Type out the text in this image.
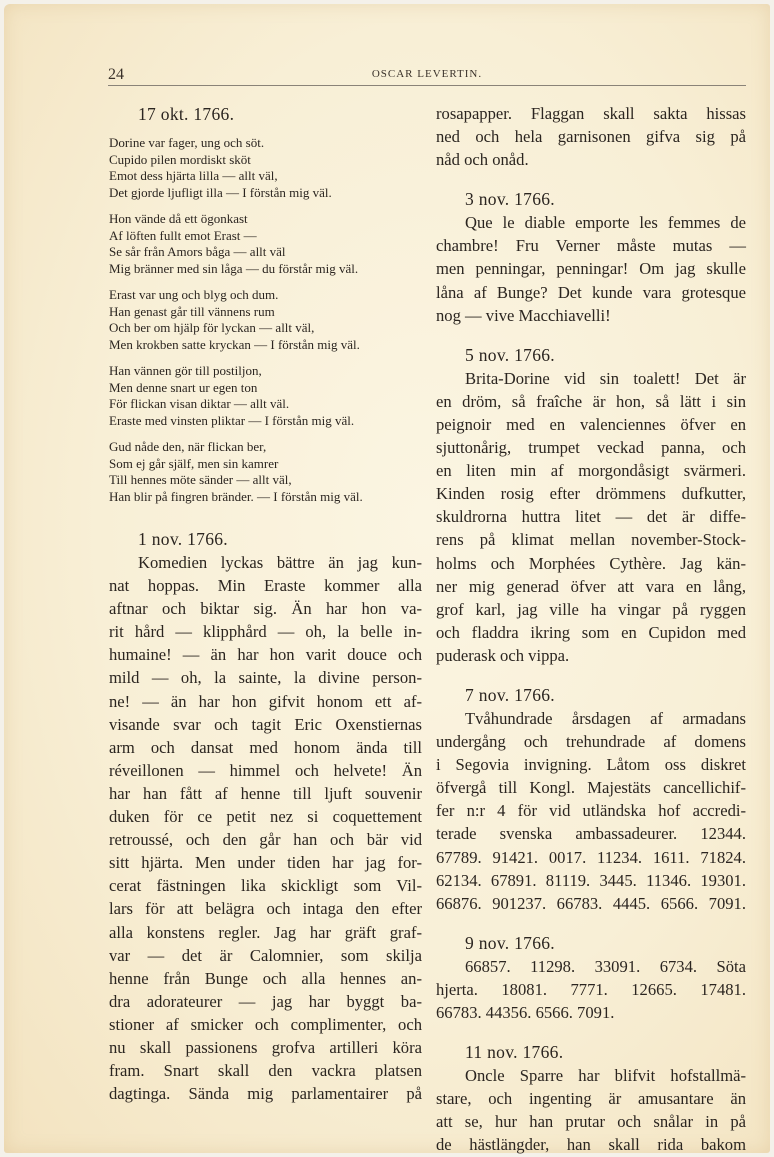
24	OSCAR LEVERTIN.

17 okt. 1766.

Dorine var fager, ung och söt.
Cupido pilen mordiskt sköt
Emot dess hjärta lilla — allt väl,
Det gjorde ljufligt illa — I förstån mig väl.
Hon vände då ett ögonkast
Af löften fullt emot Erast —
Se sår från Amors båga — allt väl
Mig bränner med sin låga — du förstår mig väl.
Erast var ung och blyg och dum.
Han genast går till vännens rum
Och ber om hjälp för lyckan — allt väl,
Men krokben satte kryckan — I förstån mig väl.
Han vännen gör till postiljon,
Men denne snart ur egen ton
För flickan visan diktar — allt väl.
Eraste med vinsten pliktar — I förstån mig väl.
Gud nåde den, när flickan ber,
Som ej går själf, men sin kamrer
Till hennes möte sänder — allt väl,
Han blir på fingren bränder. — I förstån mig väl.

1 nov. 1766.

Komedien lyckas bättre än jag kun-
nat hoppas. Min Eraste kommer alla
aftnar och biktar sig. Än har hon va-
rit hård — klipphård — oh, la belle in-
humaine! — än har hon varit douce och
mild — oh, la sainte, la divine person-
ne! — än har hon gifvit honom ett af-
visande svar och tagit Eric Oxenstiernas
arm och dansat med honom ända till
réveillonen — himmel och helvete! Än
har han fått af henne till ljuft souvenir
duken för ce petit nez si coquettement
retroussé, och den går han och bär vid
sitt hjärta. Men under tiden har jag for-
cerat fästningen lika skickligt som Vil-
lars för att belägra och intaga den efter
alla konstens regler. Jag har gräft graf-
var — det är Calomnier, som skilja
henne från Bunge och alla hennes an-
dra adorateurer — jag har byggt ba-
stioner af smicker och complimenter, och
nu skall passionens grofva artilleri köra
fram. Snart skall den vackra platsen
dagtinga. Sända mig parlamentairer på
rosapapper. Flaggan skall sakta hissas
ned och hela garnisonen gifva sig på
nåd och onåd.

3 nov. 1766.

Que le diable emporte les femmes de
chambre! Fru Verner måste mutas —
men penningar, penningar! Om jag skulle
låna af Bunge? Det kunde vara grotesque
nog — vive Macchiavelli!

5 nov. 1766.

Brita-Dorine vid sin toalett! Det är
en dröm, så fraîche är hon, så lätt i sin
peignoir med en valenciennes öfver en
sjuttonårig, trumpet veckad panna, och
en liten min af morgondåsigt svärmeri.
Kinden rosig efter drömmens dufkutter,
skuldrorna huttra litet — det är diffe-
rens på klimat mellan november-Stock-
holms och Morphées Cythère. Jag kän-
ner mig generad öfver att vara en lång,
grof karl, jag ville ha vingar på ryggen
och fladdra ikring som en Cupidon med
puderask och vippa.

7 nov. 1766.

Tvåhundrade årsdagen af armadans
undergång och trehundrade af domens
i Segovia invigning. Låtom oss diskret
öfvergå till Kongl. Majestäts cancellichif-
fer n:r 4 för vid utländska hof accredi-
terade svenska ambassadeurer. 12344.
67789. 91421. 0017. 11234. 1611. 71824.
62134. 67891. 81119. 3445. 11346. 19301.
66876. 901237. 66783. 4445. 6566. 7091.

9 nov. 1766.

66857. 11298. 33091. 6734. Söta
hjerta. 18081. 7771. 12665. 17481.
66783. 44356. 6566. 7091.

11 nov. 1766.

Oncle Sparre har blifvit hofstallmä-
stare, och ingenting är amusantare än
att se, hur han prutar och snålar in på
de hästlängder, han skall rida bakom
